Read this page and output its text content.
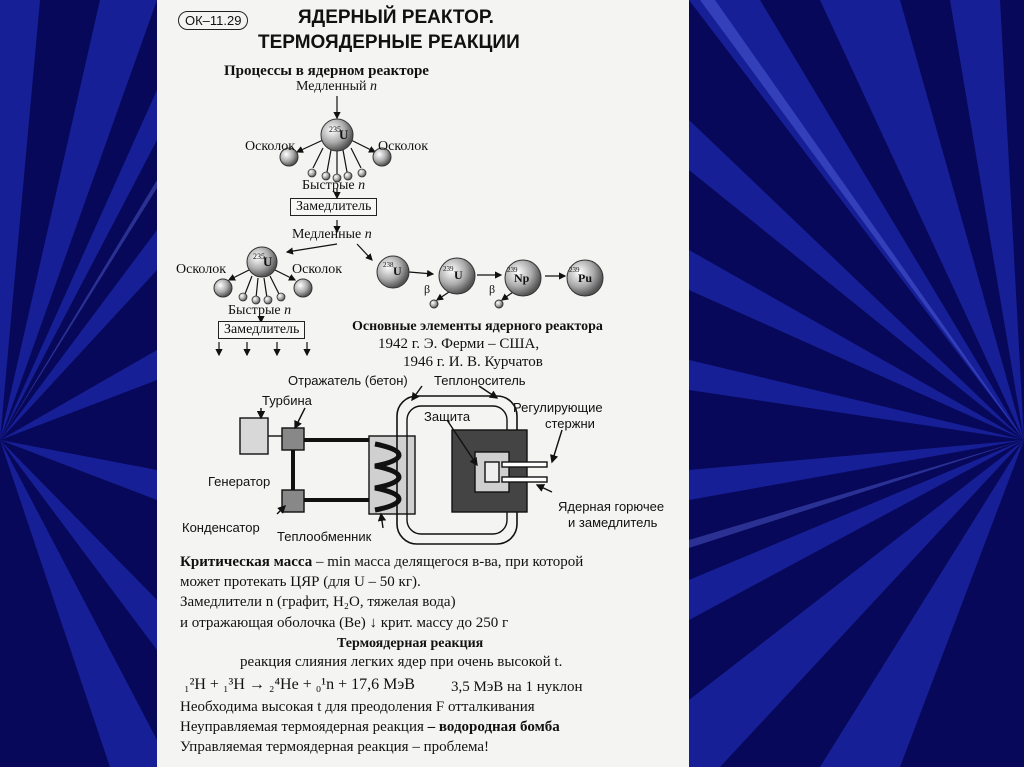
ОК–11.29	ЯДЕРНЫЙ РЕАКТОР.
ТЕРМОЯДЕРНЫЕ РЕАКЦИИ
Процессы в ядерном реакторе
Медленный n
Осколок	Осколок
235
U
Быстрые n
Замедлитель
Медленные n
Осколок	Осколок
235
U
Быстрые n
Замедлитель
238 U	239 U	239
Np
239
Pu
β	β
Основные элементы ядерного реактора
1942 г. Э. Ферми – США,
1946 г. И. В. Курчатов
Отражатель (бетон) Теплоноситель
Турбина
Защита
Регулирующие
стержни
Генератор
Ядерная горючее
и замедлитель
Конденсатор
Теплообменник
Критическая масса – min масса делящегося в-ва, при которой
может протекать ЦЯР (для U – 50 кг).
Замедлители n (графит, H₂O, тяжелая вода)
и отражающая оболочка (Be) ↓ крит. массу до 250 г
Термоядерная реакция
реакция слияния легких ядер при очень высокой t.
₁²H + ₁³H → ₂⁴He + ₀¹n + 17,6 МэВ 3,5 МэВ на 1 нуклон
Необходима высокая t для преодоления F отталкивания
Неуправляемая термоядерная реакция – водородная бомба
Управляемая термоядерная реакция – проблема!
